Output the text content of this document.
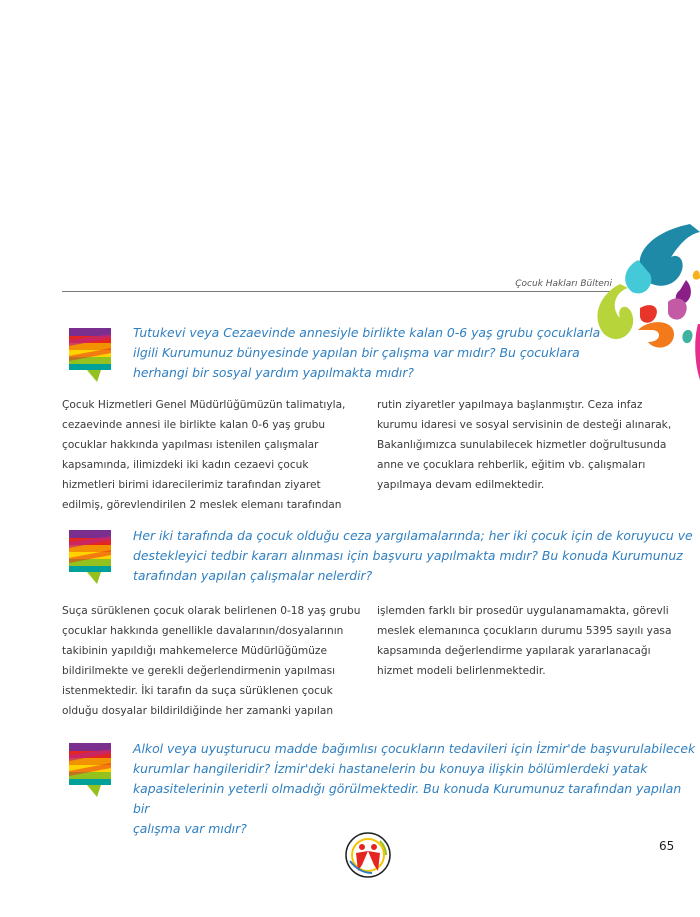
Çocuk Hakları Bülteni
Tutukevi veya Cezaevinde annesiyle birlikte kalan 0-6 yaş grubu çocuklarla
ilgili Kurumunuz bünyesinde yapılan bir çalışma var mıdır? Bu çocuklara
herhangi bir sosyal yardım yapılmakta mıdır?
Çocuk Hizmetleri Genel Müdürlüğümüzün talimatıyla,
cezaevinde annesi ile birlikte kalan 0-6 yaş grubu
çocuklar hakkında yapılması istenilen çalışmalar
kapsamında, ilimizdeki iki kadın cezaevi çocuk
hizmetleri birimi idarecilerimiz tarafından ziyaret
edilmiş, görevlendirilen 2 meslek elemanı tarafından
rutin ziyaretler yapılmaya başlanmıştır. Ceza infaz
kurumu idaresi ve sosyal servisinin de desteği alınarak,
Bakanlığımızca sunulabilecek hizmetler doğrultusunda
anne ve çocuklara rehberlik, eğitim vb. çalışmaları
yapılmaya devam edilmektedir.
Her iki tarafında da çocuk olduğu ceza yargılamalarında; her iki çocuk için de koruyucu ve
destekleyici tedbir kararı alınması için başvuru yapılmakta mıdır? Bu konuda Kurumunuz
tarafından yapılan çalışmalar nelerdir?
Suça sürüklenen çocuk olarak belirlenen 0-18 yaş grubu
çocuklar hakkında genellikle davalarının/dosyalarının
takibinin yapıldığı mahkemelerce Müdürlüğümüze
bildirilmekte ve gerekli değerlendirmenin yapılması
istenmektedir. İki tarafın da suça sürüklenen çocuk
olduğu dosyalar bildirildiğinde her zamanki yapılan
işlemden farklı bir prosedür uygulanamamakta, görevli
meslek elemanınca çocukların durumu 5395 sayılı yasa
kapsamında değerlendirme yapılarak yararlanacağı
hizmet modeli belirlenmektedir.
Alkol veya uyuşturucu madde bağımlısı çocukların tedavileri için İzmir'de başvurulabilecek
kurumlar hangileridir? İzmir'deki hastanelerin bu konuya ilişkin bölümlerdeki yatak
kapasitelerinin yeterli olmadığı görülmektedir. Bu konuda Kurumunuz tarafından yapılan bir
çalışma var mıdır?
65
